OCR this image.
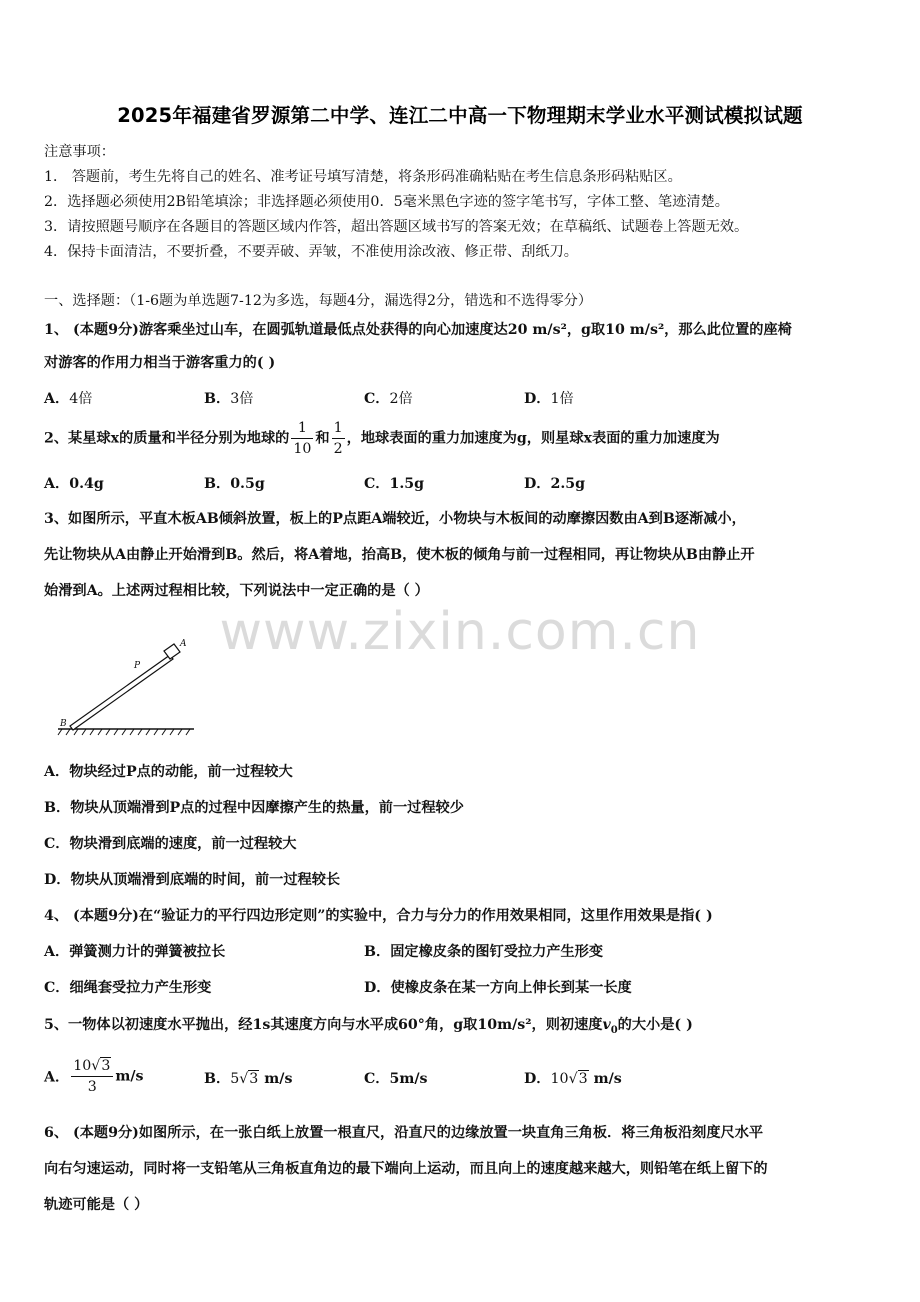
www.zixin.com.cn
2025年福建省罗源第二中学、连江二中高一下物理期末学业水平测试模拟试题
注意事项：
1． 答题前，考生先将自己的姓名、准考证号填写清楚，将条形码准确粘贴在考生信息条形码粘贴区。
2．选择题必须使用2B铅笔填涂；非选择题必须使用0．5毫米黑色字迹的签字笔书写，字体工整、笔迹清楚。
3．请按照题号顺序在各题目的答题区域内作答，超出答题区域书写的答案无效；在草稿纸、试题卷上答题无效。
4．保持卡面清洁，不要折叠，不要弄破、弄皱，不准使用涂改液、修正带、刮纸刀。
一、选择题：（1-6题为单选题7-12为多选，每题4分，漏选得2分，错选和不选得零分）
1、 (本题9分)游客乘坐过山车，在圆弧轨道最低点处获得的向心加速度达20 m/s²，g取10 m/s²，那么此位置的座椅
对游客的作用力相当于游客重力的( )
A．4倍	B．3倍	C．2倍	D．1倍
2、某星球x的质量和半径分别为地球的 $\frac{1}{10}$ 和 $\frac{1}{2}$ ，地球表面的重力加速度为g，则星球x表面的重力加速度为
A．0.4g	B．0.5g	C．1.5g	D．2.5g
3、如图所示，平直木板AB倾斜放置，板上的P点距A端较近，小物块与木板间的动摩擦因数由A到B逐渐减小，
先让物块从A由静止开始滑到B。然后，将A着地，抬高B，使木板的倾角与前一过程相同，再让物块从B由静止开
始滑到A。上述两过程相比较，下列说法中一定正确的是（ ）
A
P
B
A．物块经过P点的动能，前一过程较大
B．物块从顶端滑到P点的过程中因摩擦产生的热量，前一过程较少
C．物块滑到底端的速度，前一过程较大
D．物块从顶端滑到底端的时间，前一过程较长
4、 (本题9分)在“验证力的平行四边形定则”的实验中，合力与分力的作用效果相同，这里作用效果是指( )
A．弹簧测力计的弹簧被拉长	B．固定橡皮条的图钉受拉力产生形变
C．细绳套受拉力产生形变	D．使橡皮条在某一方向上伸长到某一长度
5、一物体以初速度水平抛出，经1s其速度方向与水平成60°角，g取10m/s²，则初速度$v_0$的大小是( )
A． $\frac{10√3}{3} m/s$	B．5√3 m/s	C．5m/s	D．10√3 m/s
6、 (本题9分)如图所示，在一张白纸上放置一根直尺，沿直尺的边缘放置一块直角三角板．将三角板沿刻度尺水平
向右匀速运动，同时将一支铅笔从三角板直角边的最下端向上运动，而且向上的速度越来越大，则铅笔在纸上留下的
轨迹可能是（ ）
